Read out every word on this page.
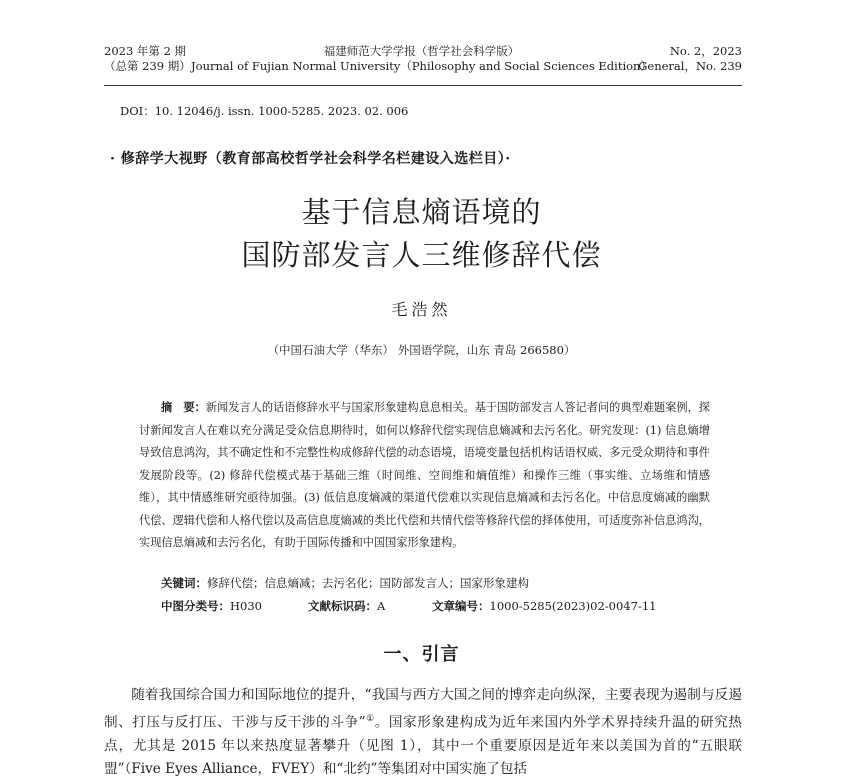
2023 年第 2 期
（总第 239 期）
福建师范大学学报（哲学社会科学版）
Journal of Fujian Normal University（Philosophy and Social Sciences Edition）
No. 2，2023
General，No. 239
DOI：10. 12046/j. issn. 1000-5285. 2023. 02. 006
· 修辞学大视野（教育部高校哲学社会科学名栏建设入选栏目）·
基于信息熵语境的
国防部发言人三维修辞代偿
毛浩然
（中国石油大学（华东） 外国语学院，山东 青岛 266580）
摘　要：新闻发言人的话语修辞水平与国家形象建构息息相关。基于国防部发言人答记者问的典型难题案例，探讨新闻发言人在难以充分满足受众信息期待时，如何以修辞代偿实现信息熵减和去污名化。研究发现：(1) 信息熵增导致信息鸿沟，其不确定性和不完整性构成修辞代偿的动态语境，语境变量包括机构话语权威、多元受众期待和事件发展阶段等。(2) 修辞代偿模式基于基础三维（时间维、空间维和熵值维）和操作三维（事实维、立场维和情感维），其中情感维研究亟待加强。(3) 低信息度熵减的渠道代偿难以实现信息熵减和去污名化。中信息度熵减的幽默代偿、逻辑代偿和人格代偿以及高信息度熵减的类比代偿和共情代偿等修辞代偿的择体使用，可适度弥补信息鸿沟，实现信息熵减和去污名化，有助于国际传播和中国国家形象建构。
关键词：修辞代偿；信息熵减；去污名化；国防部发言人；国家形象建构
中图分类号：H030	文献标识码：A	文章编号：1000-5285(2023)02-0047-11
一、引言

随着我国综合国力和国际地位的提升，“我国与西方大国之间的博弈走向纵深，主要表现为遏制与反遏制、打压与反打压、干涉与反干涉的斗争”①。国家形象建构成为近年来国内外学术界持续升温的研究热点，尤其是 2015 年以来热度显著攀升（见图 1），其中一个重要原因是近年来以美国为首的“五眼联盟”（Five Eyes Alliance，FVEY）和“北约”等集团对中国实施了包括
